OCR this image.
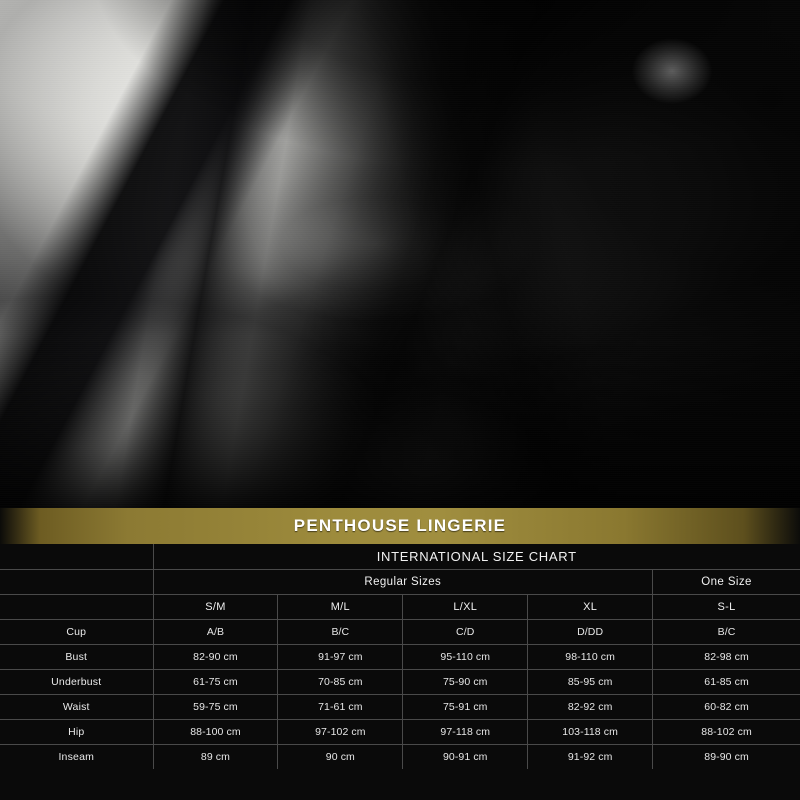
PENTHOUSE LINGERIE
	INTERNATIONAL SIZE CHART				
	Regular Sizes				One Size
	S/M	M/L	L/XL	XL	S-L
Cup	A/B	B/C	C/D	D/DD	B/C
Bust	82-90 cm	91-97 cm	95-110 cm	98-110 cm	82-98 cm
Underbust	61-75 cm	70-85 cm	75-90 cm	85-95 cm	61-85 cm
Waist	59-75 cm	71-61 cm	75-91 cm	82-92 cm	60-82 cm
Hip	88-100 cm	97-102 cm	97-118 cm	103-118 cm	88-102 cm
Inseam	89 cm	90 cm	90-91 cm	91-92 cm	89-90 cm
